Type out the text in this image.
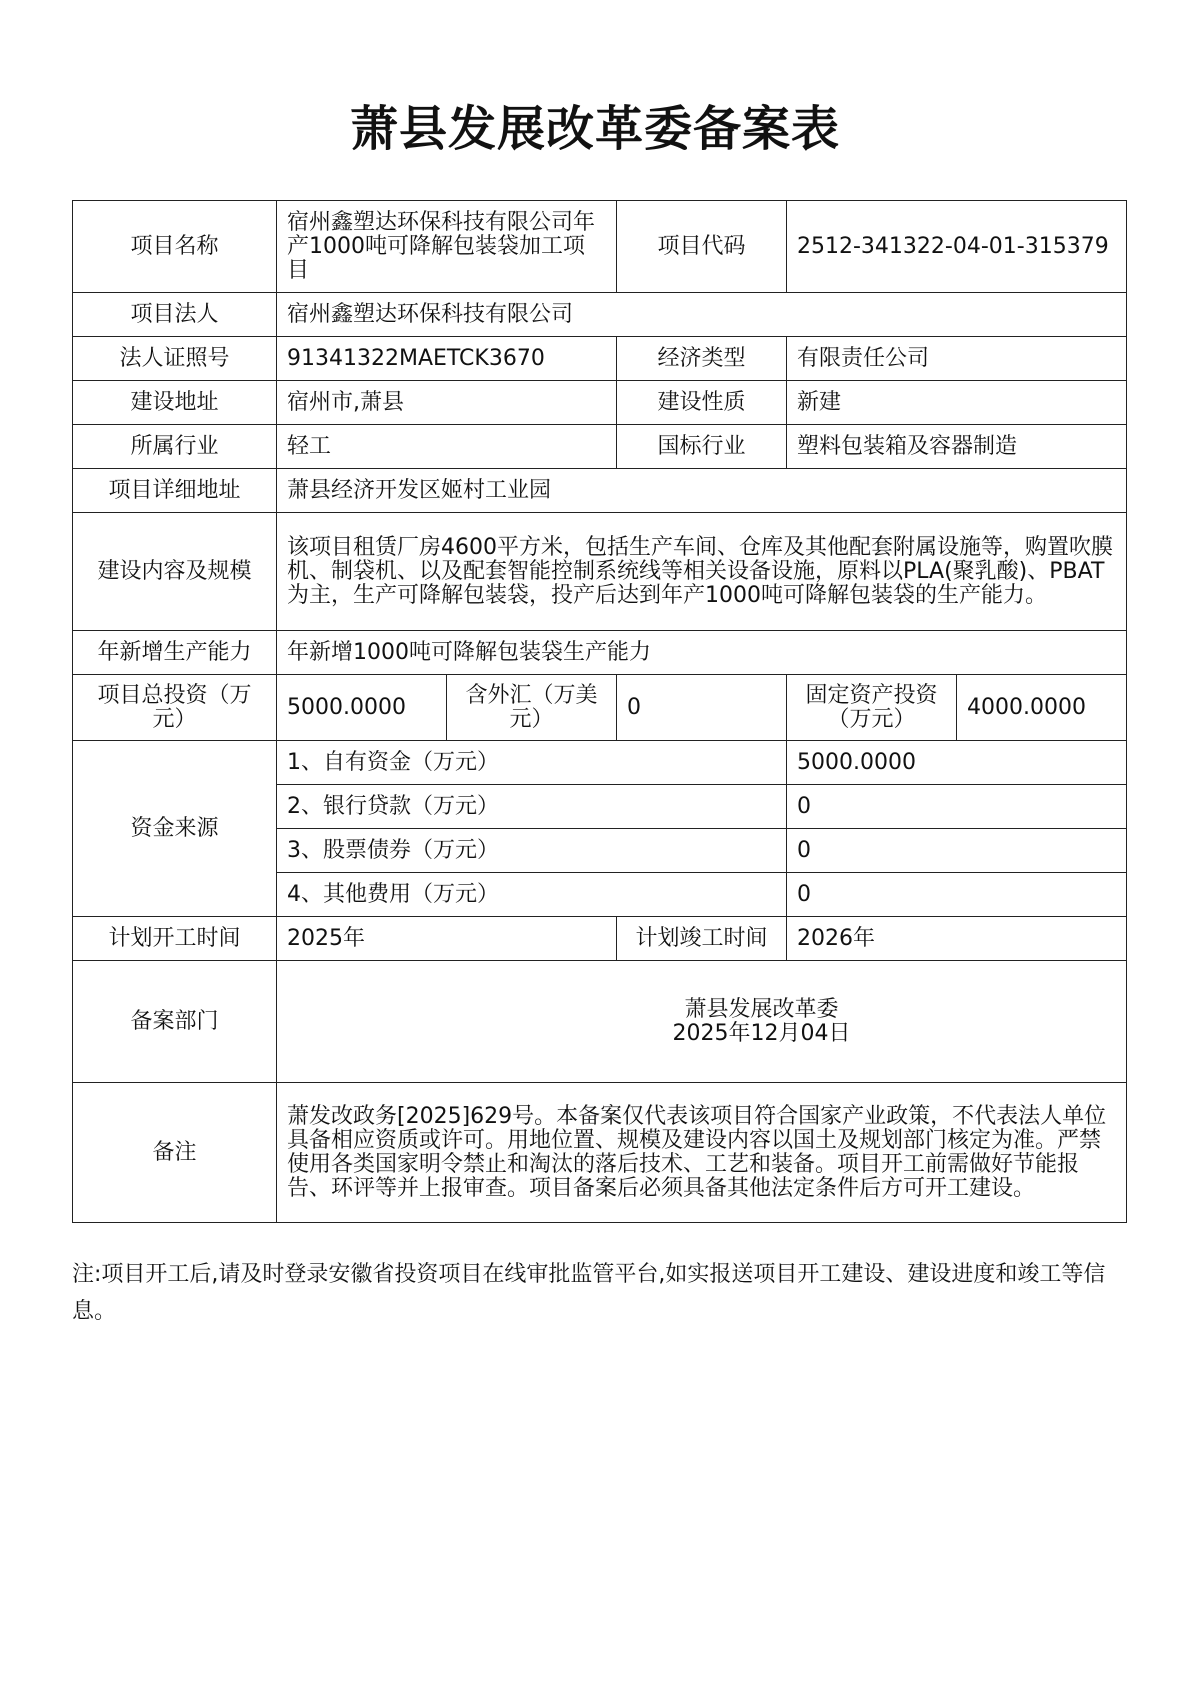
萧县发展改革委备案表
项目名称	宿州鑫塑达环保科技有限公司年产1000吨可降解包装袋加工项目		项目代码	2512-341322-04-01-315379	
项目法人	宿州鑫塑达环保科技有限公司				
法人证照号	91341322MAETCK3670		经济类型	有限责任公司	
建设地址	宿州市,萧县		建设性质	新建	
所属行业	轻工		国标行业	塑料包装箱及容器制造	
项目详细地址	萧县经济开发区姬村工业园				
建设内容及规模	该项目租赁厂房4600平方米，包括生产车间、仓库及其他配套附属设施等，购置吹膜机、制袋机、以及配套智能控制系统线等相关设备设施，原料以PLA(聚乳酸)、PBAT为主，生产可降解包装袋，投产后达到年产1000吨可降解包装袋的生产能力。				
年新增生产能力	年新增1000吨可降解包装袋生产能力				
项目总投资（万元）	5000.0000	含外汇（万美元）	0	固定资产投资（万元）	4000.0000
资金来源	1、自有资金（万元）			5000.0000	
	2、银行贷款（万元）			0	
	3、股票债券（万元）			0	
	4、其他费用（万元）			0	
计划开工时间	2025年		计划竣工时间	2026年	
备案部门	萧县发展改革委
2025年12月04日				

备注	萧发改政务[2025]629号。本备案仅代表该项目符合国家产业政策，不代表法人单位具备相应资质或许可。用地位置、规模及建设内容以国土及规划部门核定为准。严禁使用各类国家明令禁止和淘汰的落后技术、工艺和装备。项目开工前需做好节能报告、环评等并上报审查。项目备案后必须具备其他法定条件后方可开工建设。				
注:项目开工后,请及时登录安徽省投资项目在线审批监管平台,如实报送项目开工建设、建设进度和竣工等信息。
